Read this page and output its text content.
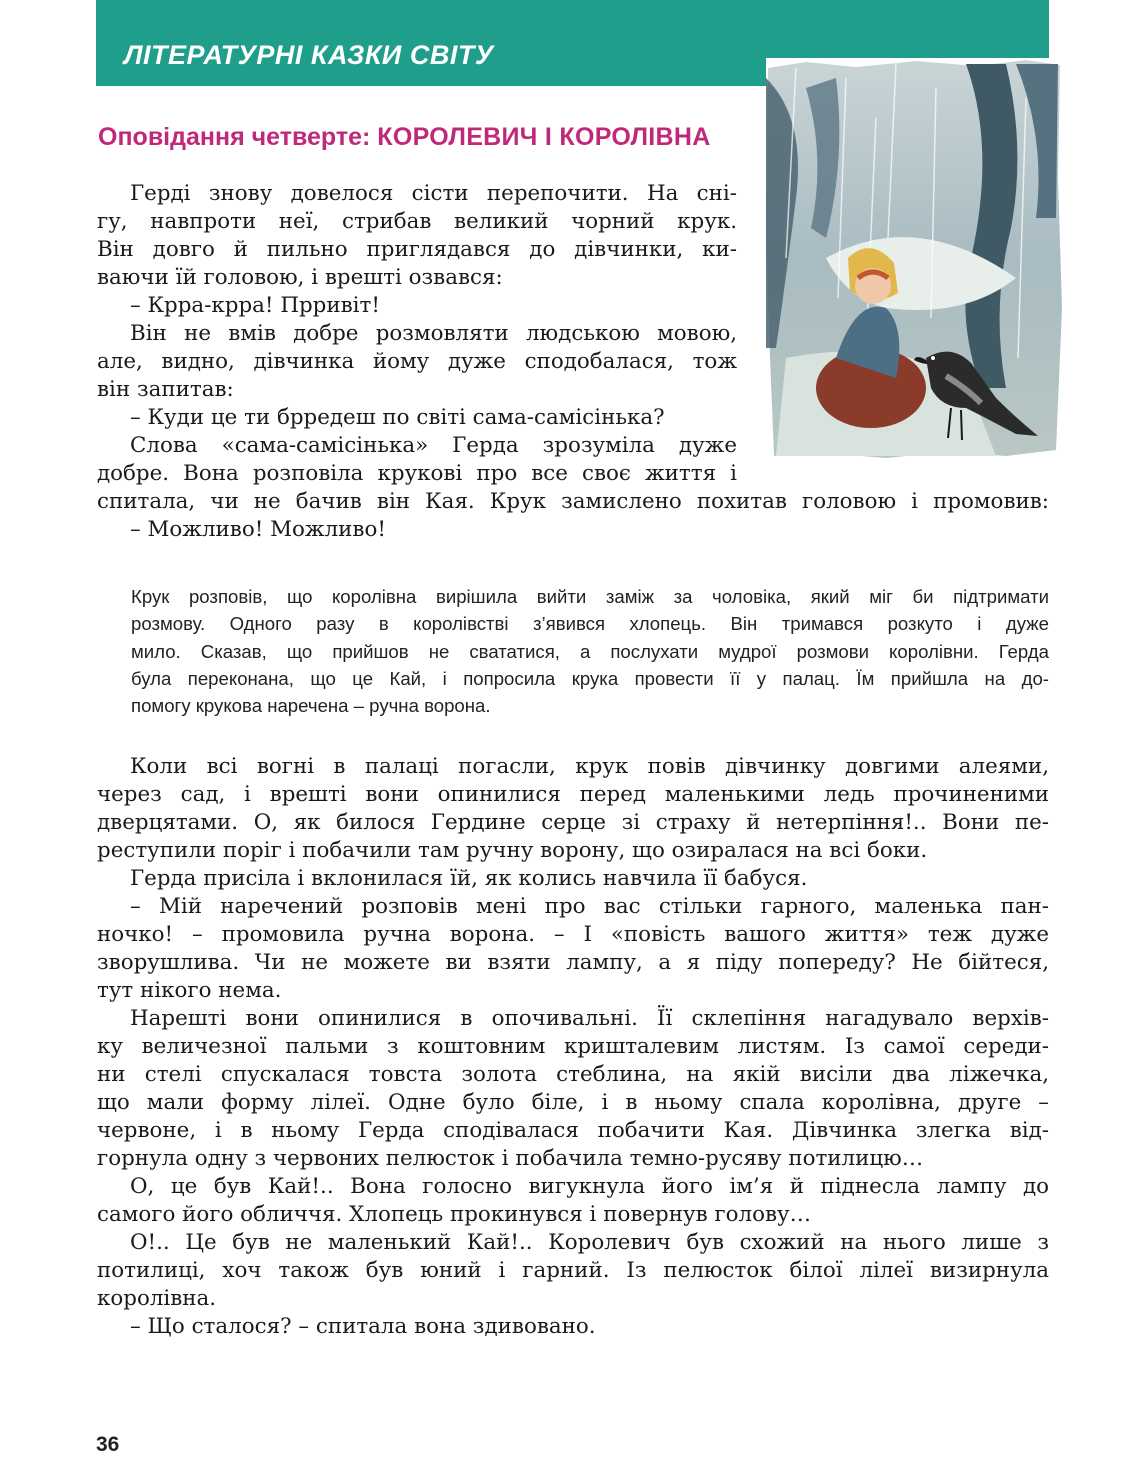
ЛІТЕРАТУРНІ КАЗКИ СВІТУ
Оповідання четверте: КОРОЛЕВИЧ І КОРОЛІВНА
Герді знову довелося сісти перепочити. На сні-
гу, навпроти неї, стрибав великий чорний крук.
Він довго й пильно приглядався до дівчинки, ки-
ваючи їй головою, і врешті озвався:
– Крра-крра! Прривіт!
Він не вмів добре розмовляти людською мовою,
але, видно, дівчинка йому дуже сподобалася, тож
він запитав:
– Куди це ти брредеш по світі сама-самісінька?
Слова «сама-самісінька» Герда зрозуміла дуже
добре. Вона розповіла крукові про все своє життя і
спитала, чи не бачив він Кая. Крук замислено похитав головою і промовив:
– Можливо! Можливо!
Крук розповів, що королівна вирішила вийти заміж за чоловіка, який міг би підтримати
розмову. Одного разу в королівстві з’явився хлопець. Він тримався розкуто і дуже
мило. Сказав, що прийшов не свататися, а послухати мудрої розмови королівни. Герда
була переконана, що це Кай, і попросила крука провести її у палац. Їм прийшла на до-
помогу крукова наречена – ручна ворона.
Коли всі вогні в палаці погасли, крук повів дівчинку довгими алеями,
через сад, і врешті вони опинилися перед маленькими ледь прочиненими
дверцятами. О, як билося Гердине серце зі страху й нетерпіння!.. Вони пе-
реступили поріг і побачили там ручну ворону, що озиралася на всі боки.
Герда присіла і вклонилася їй, як колись навчила її бабуся.
– Мій наречений розповів мені про вас стільки гарного, маленька пан-
ночко! – промовила ручна ворона. – І «повість вашого життя» теж дуже
зворушлива. Чи не можете ви взяти лампу, а я піду попереду? Не бійтеся,
тут нікого нема.
Нарешті вони опинилися в опочивальні. Її склепіння нагадувало верхів-
ку величезної пальми з коштовним кришталевим листям. Із самої середи-
ни стелі спускалася товста золота стеблина, на якій висіли два ліжечка,
що мали форму лілеї. Одне було біле, і в ньому спала королівна, друге –
червоне, і в ньому Герда сподівалася побачити Кая. Дівчинка злегка від-
горнула одну з червоних пелюсток і побачила темно-русяву потилицю…
О, це був Кай!.. Вона голосно вигукнула його ім’я й піднесла лампу до
самого його обличчя. Хлопець прокинувся і повернув голову…
О!.. Це був не маленький Кай!.. Королевич був схожий на нього лише з
потилиці, хоч також був юний і гарний. Із пелюсток білої лілеї визирнула
королівна.
– Що сталося? – спитала вона здивовано.
36
